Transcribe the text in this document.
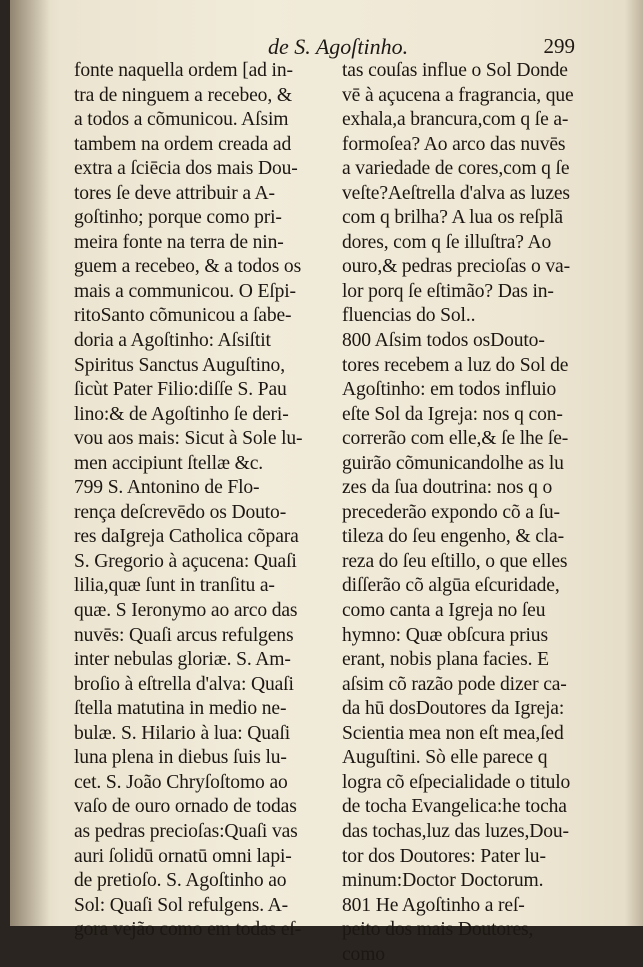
de S. Agoſtinho.	299
fonte naquella ordem [ad in-
tra de ninguem a recebeo, &
a todos a cõmunicou. Aſsim
tambem na ordem creada ad
extra a ſciēcia dos mais Dou-
tores ſe deve attribuir a A-
goſtinho; porque como pri-
meira fonte na terra de nin-
guem a recebeo, & a todos os
mais a communicou. O Eſpi-
ritoSanto cõmunicou a ſabe-
doria a Agoſtinho: Aſsiſtit
Spiritus Sanctus Auguſtino,
ſicùt Pater Filio:diſſe S. Pau
lino:& de Agoſtinho ſe deri-
vou aos mais: Sicut à Sole lu-
men accipiunt ſtellæ &c.
799 S. Antonino de Flo-
rença deſcrevēdo os Douto-
res daIgreja Catholica cõpara
S. Gregorio à açucena: Quaſi
lilia,quæ ſunt in tranſitu a-
quæ. S Ieronymo ao arco das
nuvēs: Quaſi arcus refulgens
inter nebulas gloriæ. S. Am-
broſio à eſtrella d'alva: Quaſi
ſtella matutina in medio ne-
bulæ. S. Hilario à lua: Quaſi
luna plena in diebus ſuis lu-
cet. S. João Chryſoſtomo ao
vaſo de ouro ornado de todas
as pedras precioſas:Quaſi vas
auri ſolidū ornatū omni lapi-
de pretioſo. S. Agoſtinho ao
Sol: Quaſi Sol refulgens. A-
gora vejão como em todas eſ-
tas couſas influe o Sol Donde
vē à açucena a fragrancia, que
exhala,a brancura,com q ſe a-
formoſea? Ao arco das nuvēs
a variedade de cores,com q ſe
veſte?Aeſtrella d'alva as luzes
com q brilha? A lua os reſplā
dores, com q ſe illuſtra? Ao
ouro,& pedras precioſas o va-
lor porq ſe eſtimão? Das in-
fluencias do Sol..
800 Aſsim todos osDouto-
tores recebem a luz do Sol de
Agoſtinho: em todos influio
eſte Sol da Igreja: nos q con-
correrão com elle,& ſe lhe ſe-
guirão cõmunicandolhe as lu
zes da ſua doutrina: nos q o
precederão expondo cõ a ſu-
tileza do ſeu engenho, & cla-
reza do ſeu eſtillo, o que elles
diſſerão cõ algūa eſcuridade,
como canta a Igreja no ſeu
hymno: Quæ obſcura prius
erant, nobis plana facies. E
aſsim cõ razão pode dizer ca-
da hū dosDoutores da Igreja:
Scientia mea non eſt mea,ſed
Auguſtini. Sò elle parece q
logra cõ eſpecialidade o titulo
de tocha Evangelica:he tocha
das tochas,luz das luzes,Dou-
tor dos Doutores: Pater lu-
minum:Doctor Doctorum.
801 He Agoſtinho a reſ-
peito dos mais Doutores,
como
